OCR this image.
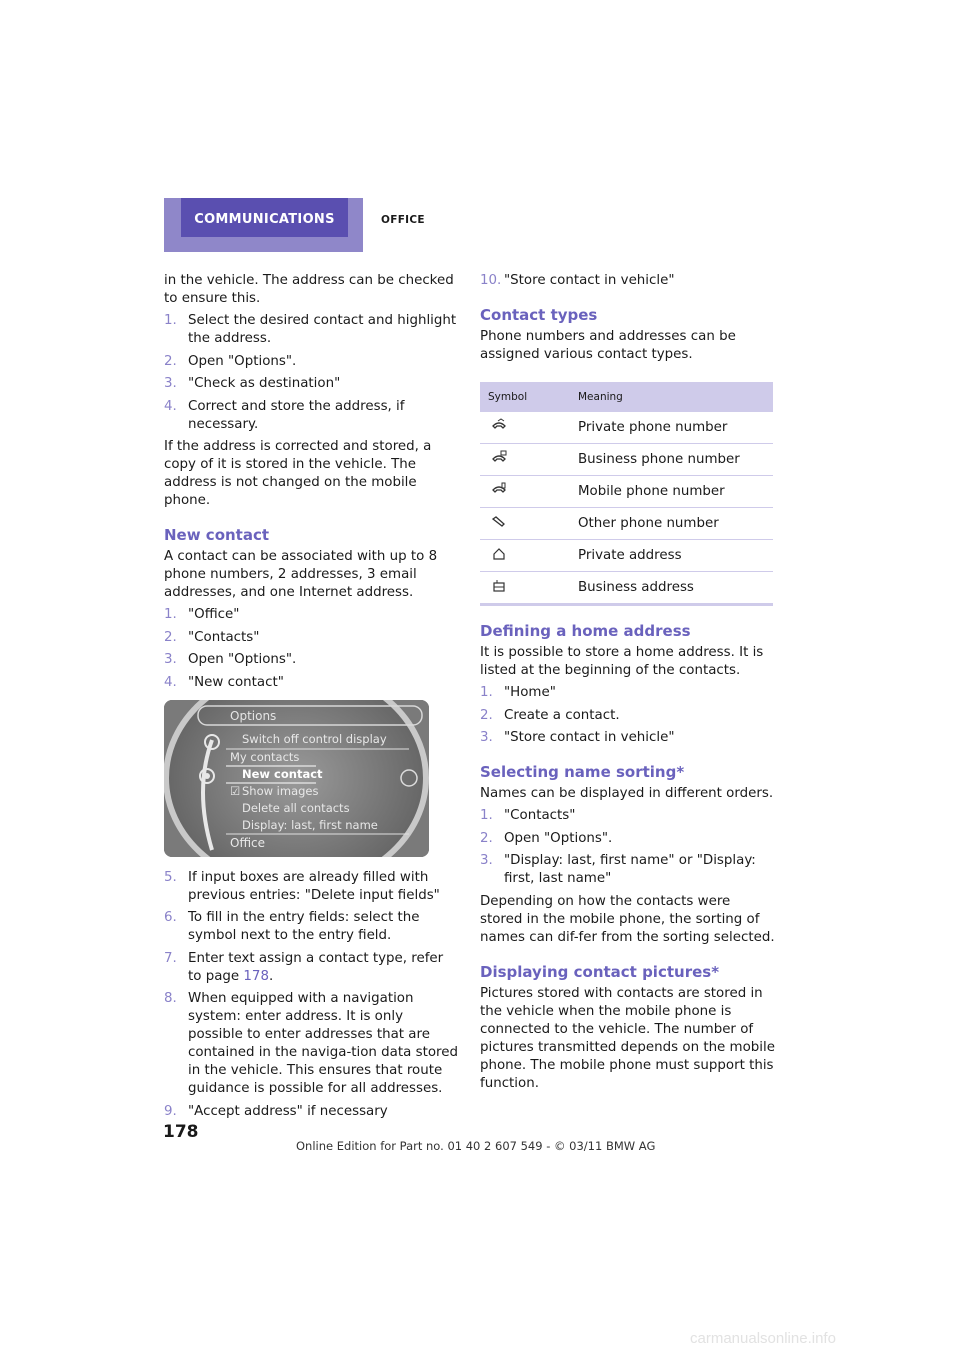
COMMUNICATIONS	OFFICE

in the vehicle. The address can be checked to ensure this.

1. Select the desired contact and highlight the address.
2. Open "Options".
3. "Check as destination"
4. Correct and store the address, if necessary.

If the address is corrected and stored, a copy of it is stored in the vehicle. The address is not changed on the mobile phone.

New contact

A contact can be associated with up to 8 phone numbers, 2 addresses, 3 email addresses, and one Internet address.

1. "Office"
2. "Contacts"
3. Open "Options".
4. "New contact"
Options
Switch off control display
My contacts
New contact
Show images
☑
Delete all contacts
Display: last, first name
Office
5. If input boxes are already filled with previous entries: "Delete input fields"
6. To fill in the entry fields: select the symbol next to the entry field.
7. Enter text assign a contact type, refer to page 178.
8. When equipped with a navigation system: enter address. It is only possible to enter addresses that are contained in the naviga-tion data stored in the vehicle. This ensures that route guidance is possible for all addresses.
9. "Accept address" if necessary
10. "Store contact in vehicle"
Contact types

Phone numbers and addresses can be assigned various contact types.

Symbol	Meaning
	Private phone number
	Business phone number
	Mobile phone number
	Other phone number
	Private address
	Business address
Defining a home address

It is possible to store a home address. It is listed at the beginning of the contacts.

1. "Home"
2. Create a contact.
3. "Store contact in vehicle"
Selecting name sorting*

Names can be displayed in different orders.

1. "Contacts"
2. Open "Options".
3. "Display: last, first name" or "Display: first, last name"

Depending on how the contacts were stored in the mobile phone, the sorting of names can dif-fer from the sorting selected.

Displaying contact pictures*

Pictures stored with contacts are stored in the vehicle when the mobile phone is connected to the vehicle. The number of pictures transmitted depends on the mobile phone. The mobile phone must support this function.

178
Online Edition for Part no. 01 40 2 607 549 - © 03/11 BMW AG
carmanualsonline.info
